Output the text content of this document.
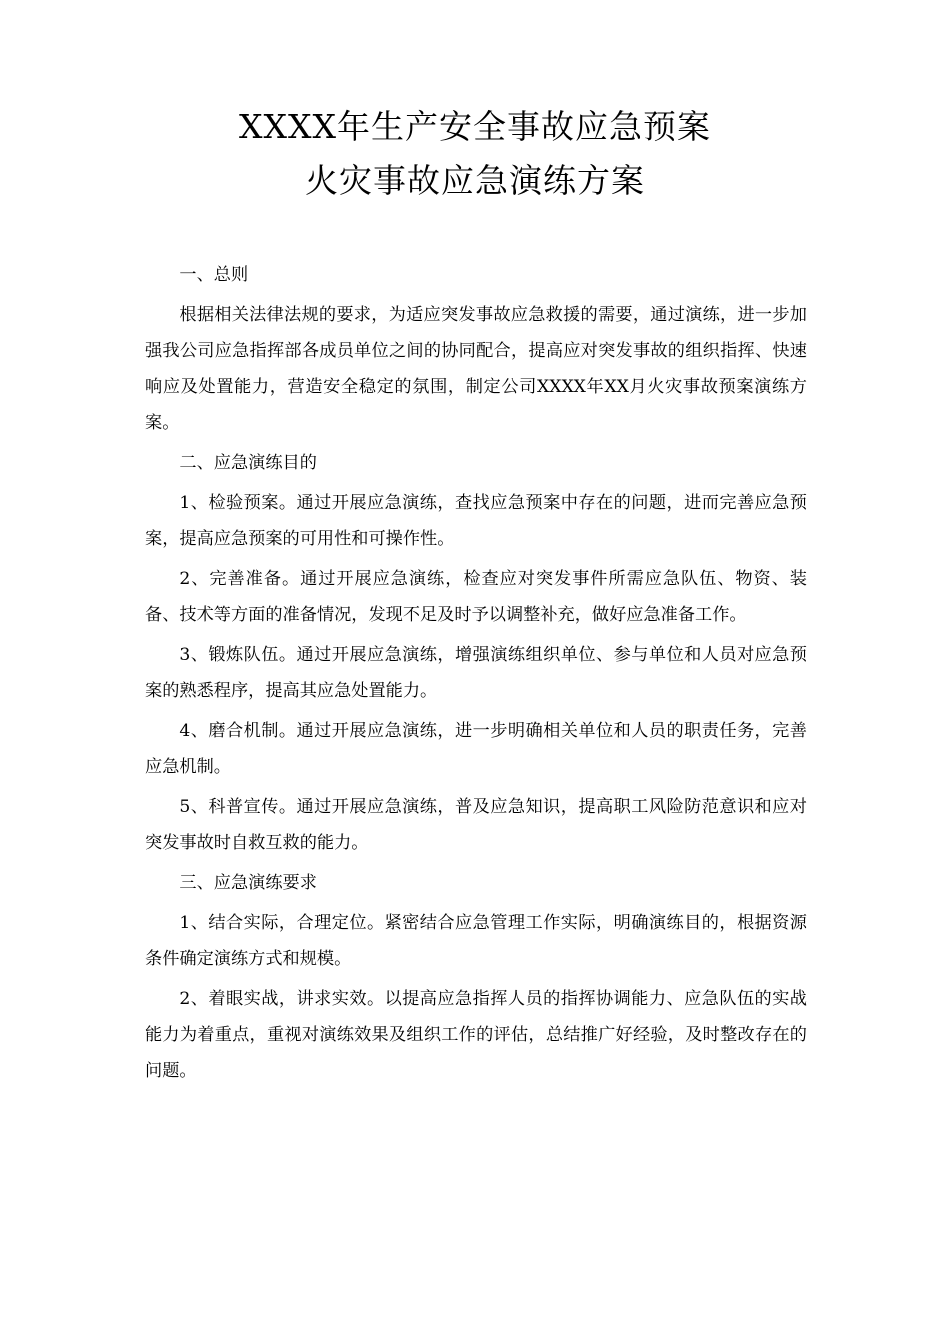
XXXX年生产安全事故应急预案
火灾事故应急演练方案

一、总则

根据相关法律法规的要求，为适应突发事故应急救援的需要，通过演练，进一步加强我公司应急指挥部各成员单位之间的协同配合，提高应对突发事故的组织指挥、快速响应及处置能力，营造安全稳定的氛围，制定公司XXXX年XX月火灾事故预案演练方案。

二、应急演练目的

1、检验预案。通过开展应急演练，查找应急预案中存在的问题，进而完善应急预案，提高应急预案的可用性和可操作性。

2、完善准备。通过开展应急演练，检查应对突发事件所需应急队伍、物资、装备、技术等方面的准备情况，发现不足及时予以调整补充，做好应急准备工作。

3、锻炼队伍。通过开展应急演练，增强演练组织单位、参与单位和人员对应急预案的熟悉程序，提高其应急处置能力。

4、磨合机制。通过开展应急演练，进一步明确相关单位和人员的职责任务，完善应急机制。

5、科普宣传。通过开展应急演练，普及应急知识，提高职工风险防范意识和应对突发事故时自救互救的能力。

三、应急演练要求

1、结合实际，合理定位。紧密结合应急管理工作实际，明确演练目的，根据资源条件确定演练方式和规模。

2、着眼实战，讲求实效。以提高应急指挥人员的指挥协调能力、应急队伍的实战能力为着重点，重视对演练效果及组织工作的评估，总结推广好经验，及时整改存在的问题。
